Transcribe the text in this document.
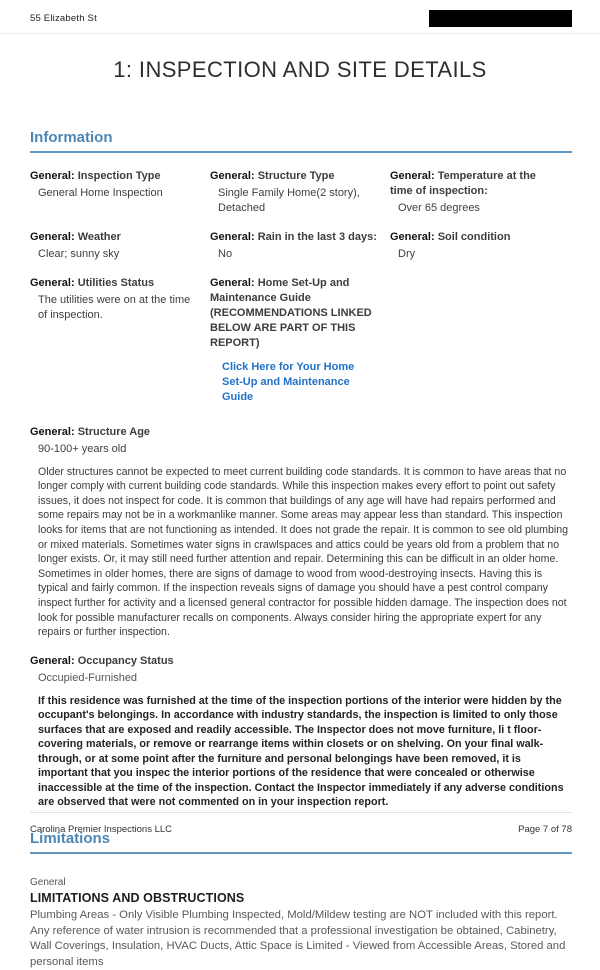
55 Elizabeth St
1: INSPECTION AND SITE DETAILS
Information
General: Inspection Type
General Home Inspection
General: Structure Type
Single Family Home(2 story), Detached
General: Temperature at the time of inspection:
Over 65 degrees
General: Weather
Clear; sunny sky
General: Rain in the last 3 days:
No
General: Soil condition
Dry
General: Utilities Status
The utilities were on at the time of inspection.
General: Home Set-Up and Maintenance Guide (RECOMMENDATIONS LINKED BELOW ARE PART OF THIS REPORT)
Click Here for Your Home Set-Up and Maintenance Guide
General: Structure Age
90-100+ years old
Older structures cannot be expected to meet current building code standards. It is common to have areas that no longer comply with current building code standards. While this inspection makes every effort to point out safety issues, it does not inspect for code. It is common that buildings of any age will have had repairs performed and some repairs may not be in a workmanlike manner. Some areas may appear less than standard. This inspection looks for items that are not functioning as intended. It does not grade the repair. It is common to see old plumbing or mixed materials. Sometimes water signs in crawlspaces and attics could be years old from a problem that no longer exists. Or, it may still need further attention and repair. Determining this can be difficult in an older home. Sometimes in older homes, there are signs of damage to wood from wood-destroying insects. Having this is typical and fairly common. If the inspection reveals signs of damage you should have a pest control company inspect further for activity and a licensed general contractor for possible hidden damage. The inspection does not look for possible manufacturer recalls on components. Always consider hiring the appropriate expert for any repairs or further inspection.
General: Occupancy Status
Occupied-Furnished
If this residence was furnished at the time of the inspection portions of the interior were hidden by the occupant's belongings. In accordance with industry standards, the inspection is limited to only those surfaces that are exposed and readily accessible. The Inspector does not move furniture, li t floor-covering materials, or remove or rearrange items within closets or on shelving. On your final walk-through, or at some point after the furniture and personal belongings have been removed, it is important that you inspec the interior portions of the residence that were concealed or otherwise inaccessible at the time of the inspection. Contact the Inspector immediately if any adverse conditions are observed that were not commented on in your inspection report.
Limitations
General
LIMITATIONS AND OBSTRUCTIONS
Plumbing Areas - Only Visible Plumbing Inspected, Mold/Mildew testing are NOT included with this report. Any reference of water intrusion is recommended that a professional investigation be obtained, Cabinetry, Wall Coverings, Insulation, HVAC Ducts, Attic Space is Limited - Viewed from Accessible Areas, Stored and personal items
Carolina Premier Inspections LLC	Page 7 of 78
